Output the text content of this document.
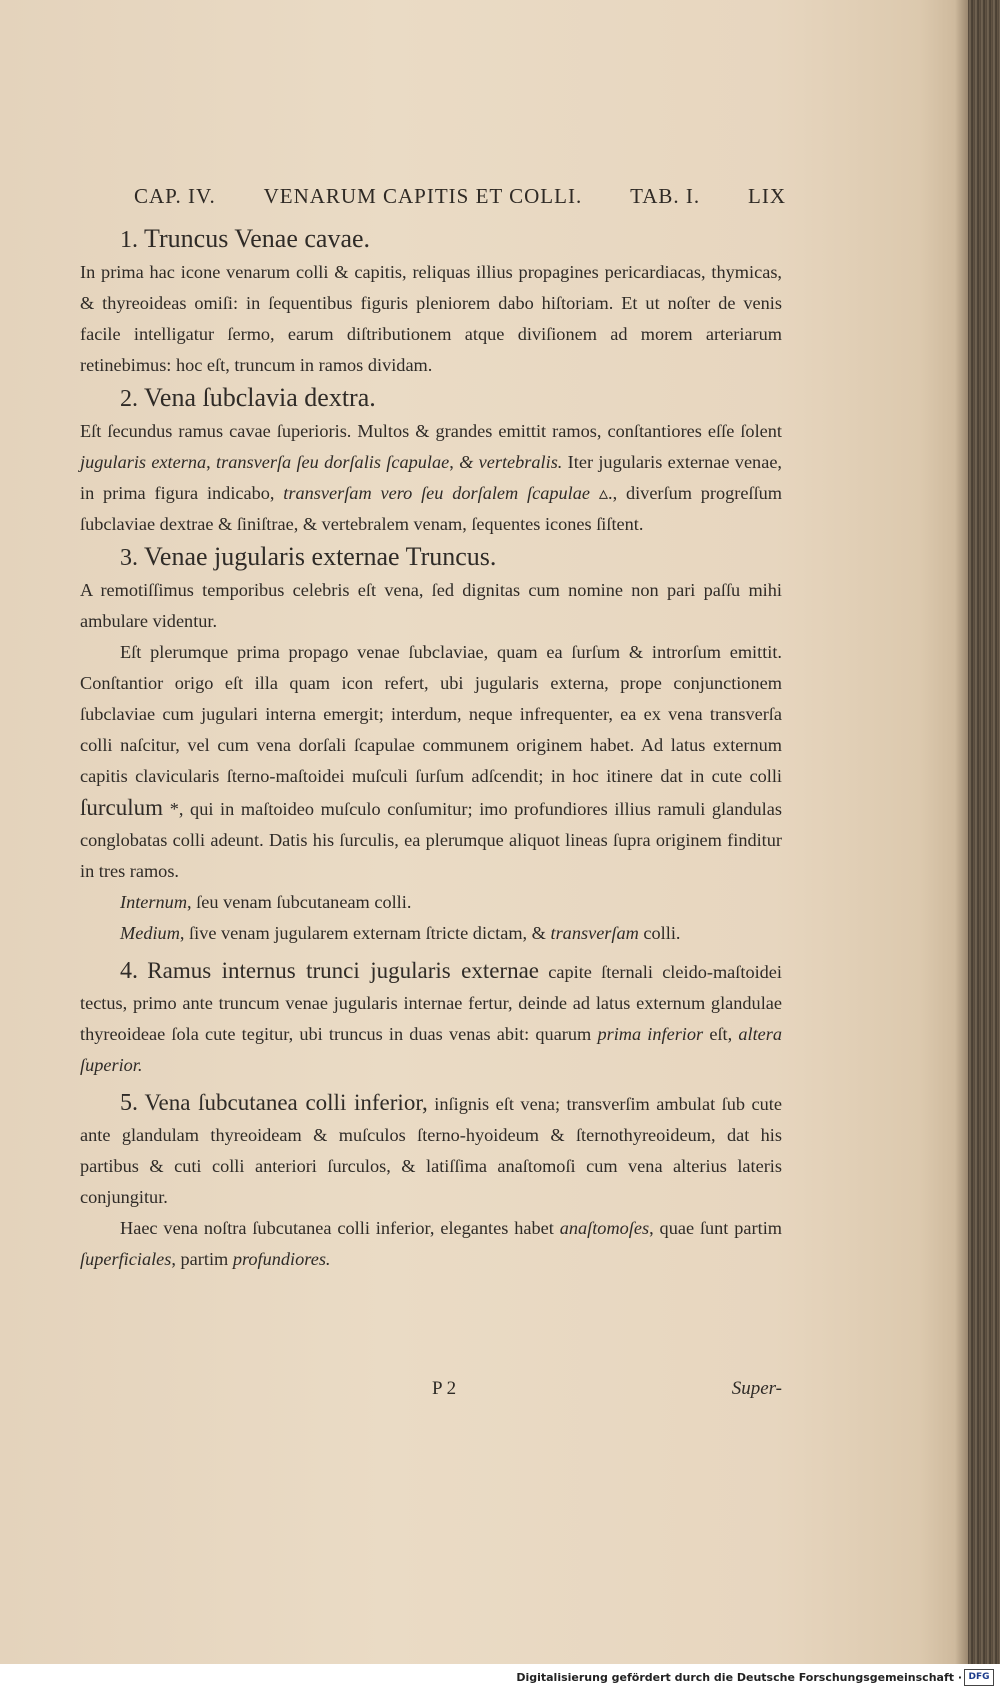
CAP. IV. VENARUM CAPITIS ET COLLI. TAB. I. LIX

1. Truncus Venae cavae.

In prima hac icone venarum colli & capitis, reliquas illius propagines pericardiacas, thymicas, & thyreoideas omiſi: in ſequentibus figuris pleniorem dabo hiſtoriam. Et ut noſter de venis facile intelligatur ſermo, earum diſtributionem atque diviſionem ad morem arteriarum retinebimus: hoc eſt, truncum in ramos dividam.

2. Vena ſubclavia dextra.

Eſt ſecundus ramus cavae ſuperioris. Multos & grandes emittit ramos, conſtantiores eſſe ſolent jugularis externa, transverſa ſeu dorſalis ſcapulae, & vertebralis. Iter jugularis externae venae, in prima figura indicabo, transverſam vero ſeu dorſalem ſcapulae ▵., diverſum progreſſum ſubclaviae dextrae & ſiniſtrae, & vertebralem venam, ſequentes icones ſiſtent.

3. Venae jugularis externae Truncus.

A remotiſſimus temporibus celebris eſt vena, ſed dignitas cum nomine non pari paſſu mihi ambulare videntur.

Eſt plerumque prima propago venae ſubclaviae, quam ea ſurſum & introrſum emittit. Conſtantior origo eſt illa quam icon refert, ubi jugularis externa, prope conjunctionem ſubclaviae cum jugulari interna emergit; interdum, neque infrequenter, ea ex vena transverſa colli naſcitur, vel cum vena dorſali ſcapulae communem originem habet. Ad latus externum capitis clavicularis ſterno-maſtoidei muſculi ſurſum adſcendit; in hoc itinere dat in cute colli ſurculum *, qui in maſtoideo muſculo conſumitur; imo profundiores illius ramuli glandulas conglobatas colli adeunt. Datis his ſurculis, ea plerumque aliquot lineas ſupra originem finditur in tres ramos.

Internum, ſeu venam ſubcutaneam colli.

Medium, ſive venam jugularem externam ſtricte dictam, & transverſam colli.

4. Ramus internus trunci jugularis externae capite ſternali cleido-maſtoidei tectus, primo ante truncum venae jugularis internae fertur, deinde ad latus externum glandulae thyreoideae ſola cute tegitur, ubi truncus in duas venas abit: quarum prima inferior eſt, altera ſuperior.

5. Vena ſubcutanea colli inferior, inſignis eſt vena; transverſim ambulat ſub cute ante glandulam thyreoideam & muſculos ſterno-hyoideum & ſternothyreoideum, dat his partibus & cuti colli anteriori ſurculos, & latiſſima anaſtomoſi cum vena alterius lateris conjungitur.

Haec vena noſtra ſubcutanea colli inferior, elegantes habet anaſtomoſes, quae ſunt partim ſuperficiales, partim profundiores.

P 2	Super-
Digitalisierung gefördert durch die Deutsche Forschungsgemeinschaft · DFG
